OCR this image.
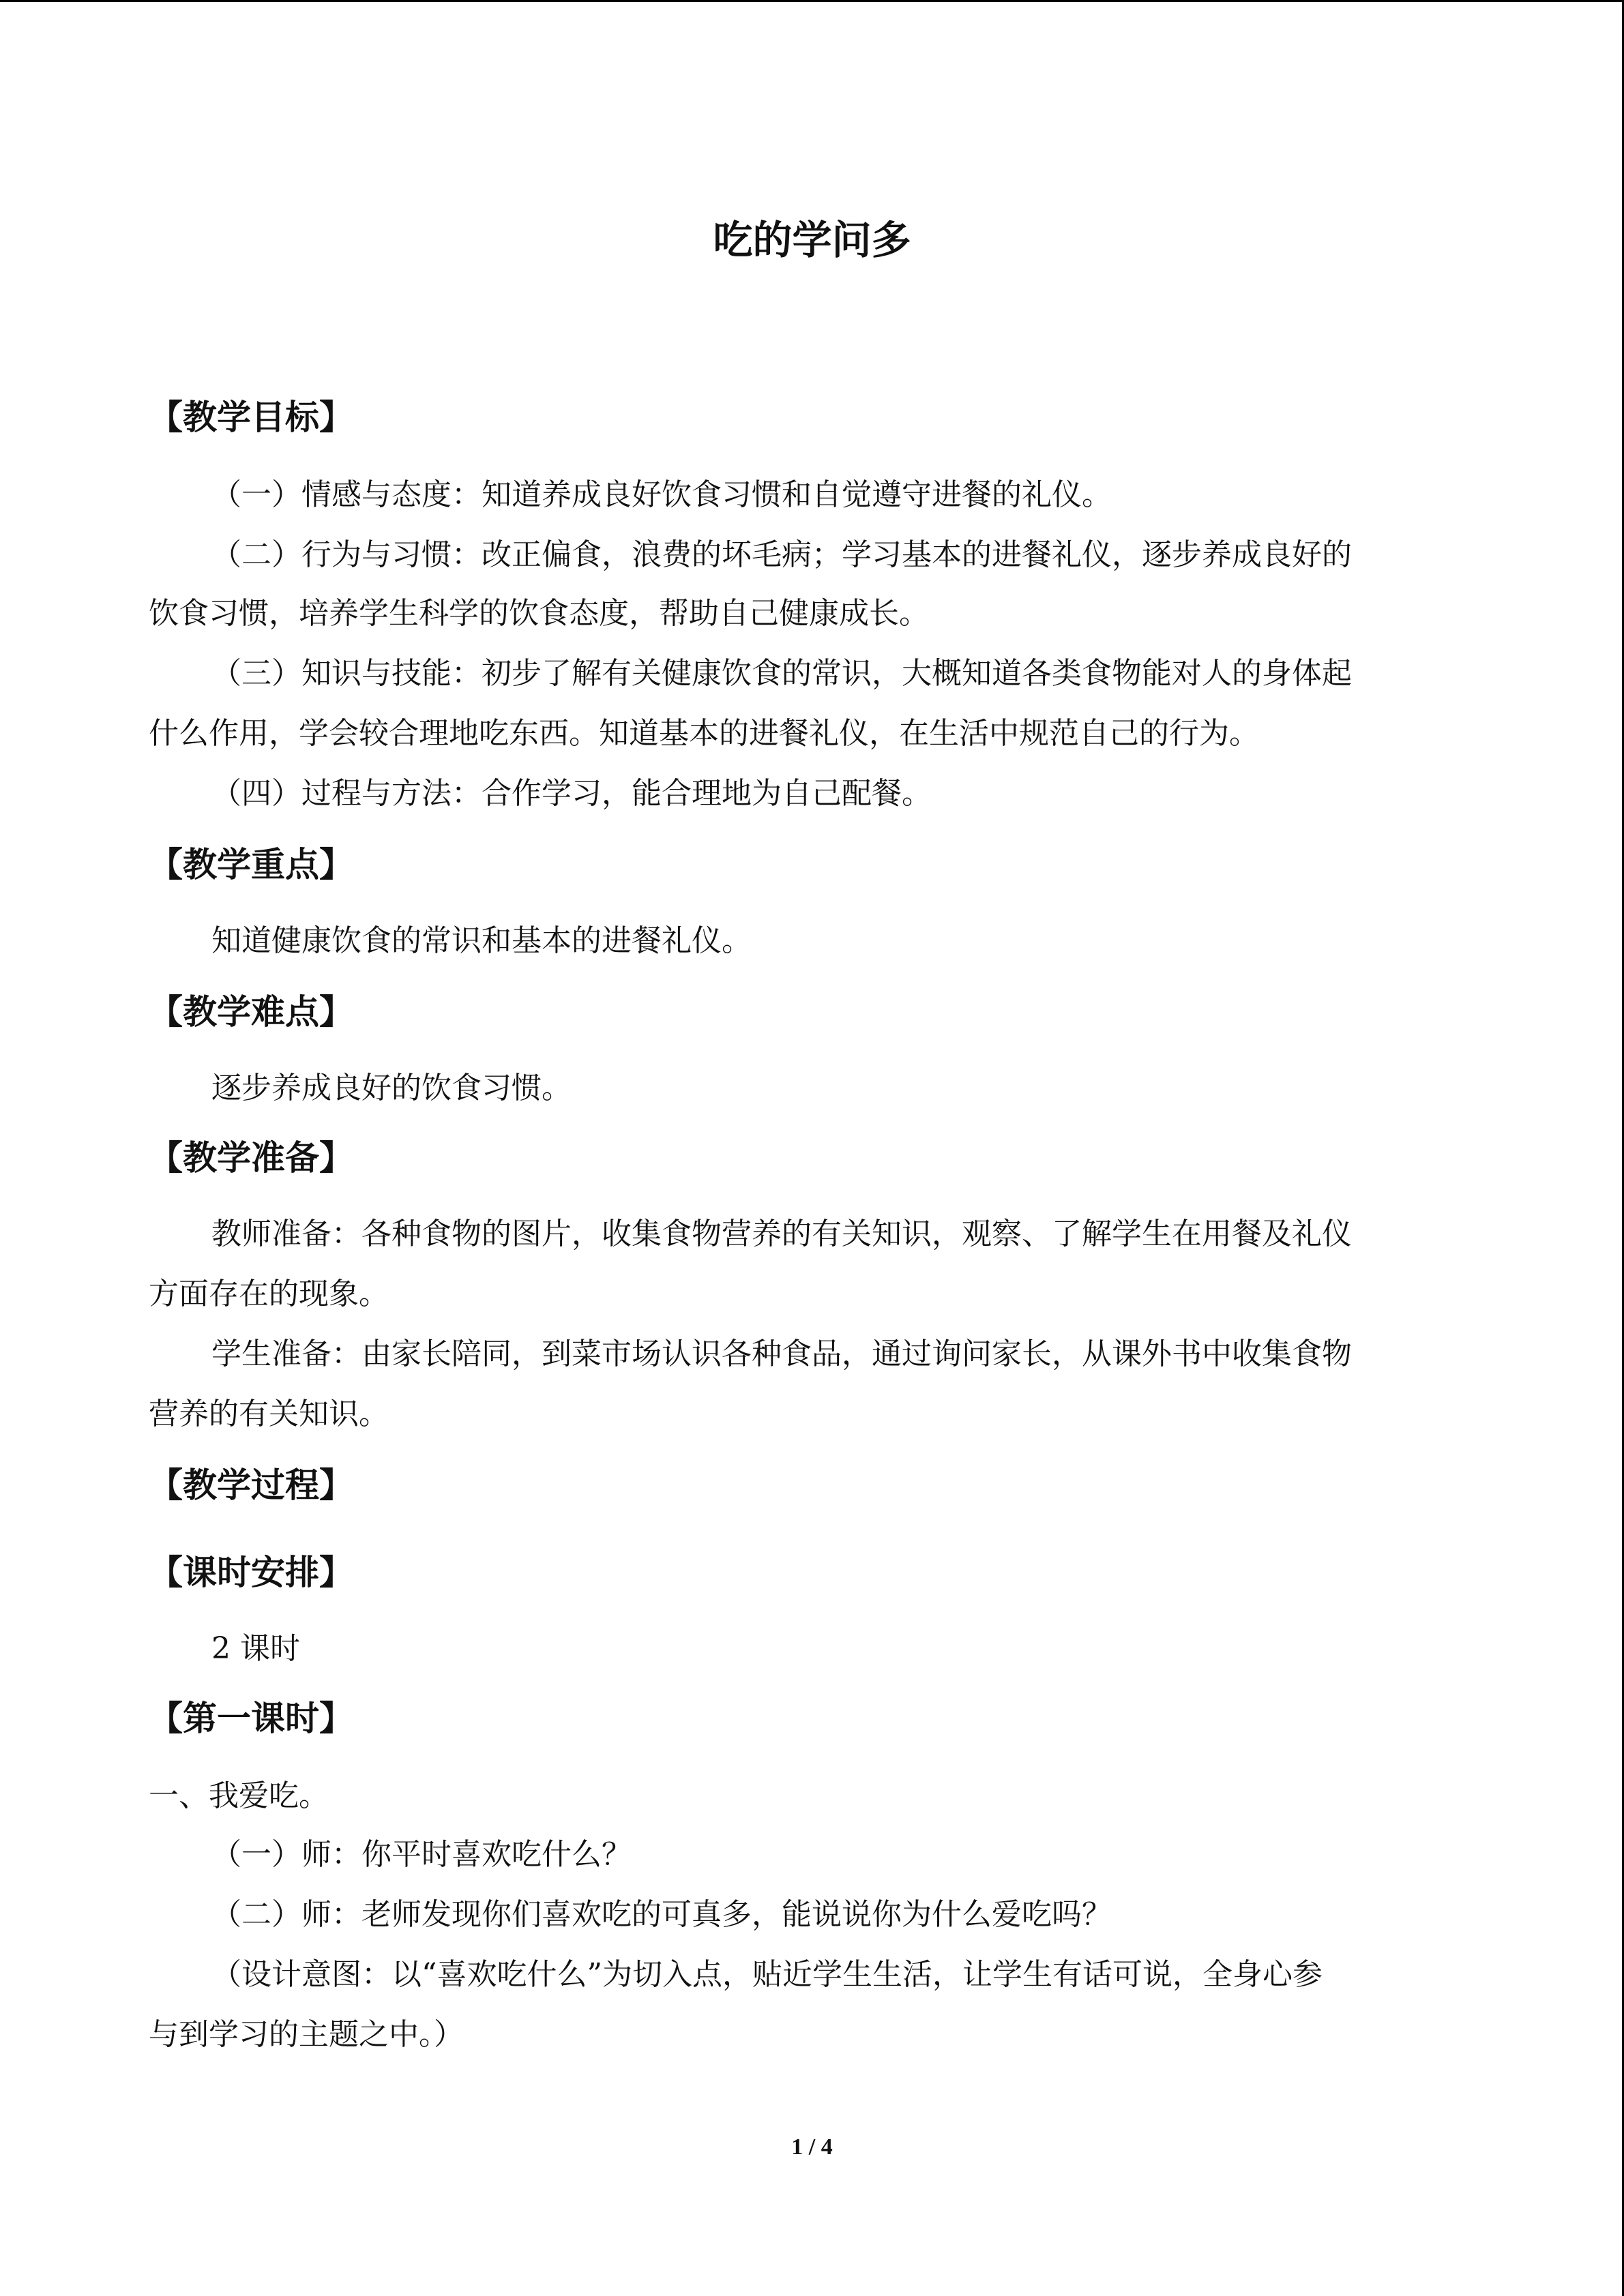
吃的学问多
【教学目标】
（一）情感与态度：知道养成良好饮食习惯和自觉遵守进餐的礼仪。
（二）行为与习惯：改正偏食，浪费的坏毛病；学习基本的进餐礼仪，逐步养成良好的
饮食习惯，培养学生科学的饮食态度，帮助自己健康成长。
（三）知识与技能：初步了解有关健康饮食的常识，大概知道各类食物能对人的身体起
什么作用，学会较合理地吃东西。知道基本的进餐礼仪，在生活中规范自己的行为。
（四）过程与方法：合作学习，能合理地为自己配餐。
【教学重点】
知道健康饮食的常识和基本的进餐礼仪。
【教学难点】
逐步养成良好的饮食习惯。
【教学准备】
教师准备：各种食物的图片，收集食物营养的有关知识，观察、了解学生在用餐及礼仪
方面存在的现象。
学生准备：由家长陪同，到菜市场认识各种食品，通过询问家长，从课外书中收集食物
营养的有关知识。
【教学过程】
【课时安排】
2 课时
【第一课时】
一、我爱吃。
（一）师：你平时喜欢吃什么？
（二）师：老师发现你们喜欢吃的可真多，能说说你为什么爱吃吗？
（设计意图：以“喜欢吃什么”为切入点，贴近学生生活，让学生有话可说，全身心参
与到学习的主题之中。）
1 / 4
